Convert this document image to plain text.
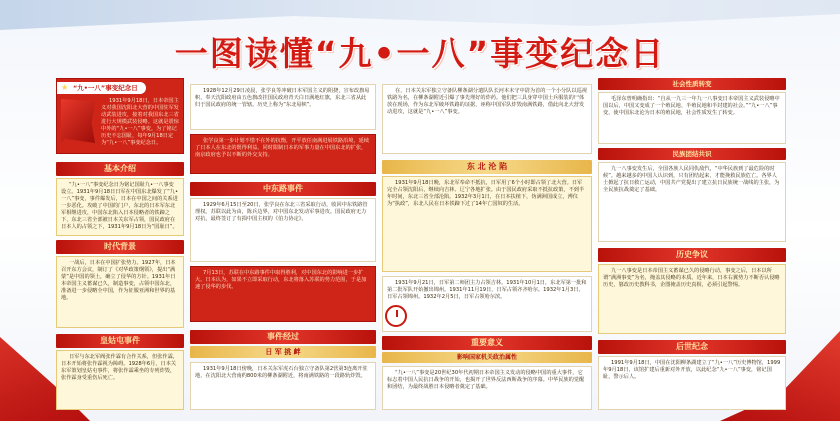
一图读懂“九•一八”事变纪念日
★ “九•一八”事变纪念日

1931年9月18日，日本帝国主义对我国沈阳北大营的中国驻军发动武装进攻，接着对我国东北三省进行大规模武装侵略。这就是震惊中外的“九•一八”事变。为了铭记历史不忘国耻，每年9月18日定为“九•一八”事变纪念日。

基本介绍

“九•一八”事变纪念日为铭记国耻九•一八事变设立。1931年9月18日日军在中国东北爆发了“九•一八”事变，事件爆发后，日本在中国之间的关系进一步恶化。攻破了中国的门户，东北的日本军东北军相继进攻，中国东北陷入日本侵略者的铁蹄之下，东北三省全部被日本关东军占领，国民政府在日本人的占领之下，1931年9月18日为“国耻日”。

时代背景

一战后，日本在中国扩张势力。1927年，日本召开东方会议，制订了《对华政策纲领》，提出“满蒙”是中国的领土，确立了侵华的方针。1931年日本帝国主义蓄谋已久，制造事变，占领中国东北，准备进一步侵略全中国，作为征服亚洲和世界的基地。

皇姑屯事件

日军与东北军阀张作霖有合作关系，但张作霖，日本开始将张作霖视为障碍。1928年6月，日本关东军策划皇姑屯事件，将张作霖乘坐的专列炸毁，张作霖身受重伤后死亡。

1928年12月29日凌晨，张学良等冲破日本军国主义的阻挠，宣布改旗易帜，奉天沈阳政府由五色旗改挂国民政府青天白日满地红旗，东北三省从此归于国民政府的统一管辖。历史上称为“东北易帜”。

张学良第一步计划不惜不在外的抗衡，开平放任南满进展铁路沿境，延续了日本人在东北的既得利益。同时限制日本的军事力量在中国东北的扩张，南京政府也予以不断的外交支持。

中东路事件

1929年6月15日至20日，张学良在东北三省采取行动，收回中东铁路管理权。苏联以此为由，陈兵边界，对中国东北发动军事进攻。国民政府无力对抗，最终签订了有损中国主权的《伯力协定》。

7月13日，苏联在中东路事件中取得胜利，对中国东北的影响进一步扩大。日本认为，如果不立即采取行动，东北将落入苏联的势力范围，于是加速了侵华的步伐。

事件经过
日 军 挑 衅

1931年9月18日傍晚，日本关东军虎石台独立守备队第2营第3连离开驻地，在沈阳北大营南约800米的柳条湖附近，将南满铁路的一段路轨炸毁。

在，日本关东军独立守备队柳条湖分遣队队长河本末守中尉为首的一个小分队以巡视铁路为名，在柳条湖附近引爆了事先埋好的炸药。他们把三具身穿中国士兵服装的尸体放在现场，作为东北军破坏铁路的证据，诬称中国军队炸毁南满铁路，借此向北大营发动进攻，这就是“九•一八”事变。

东 北 沦 陷

1931年9月18日晚，东北军奉命不抵抗，日军用了6个小时即占领了北大营。日军完全占领沈阳后，继续向吉林、辽宁各地扩张。由于国民政府采取不抵抗政策，不到半年时间，东北三省全部沦陷。1932年3月1日，在日本扶植下，伪满洲国成立，溥仪为“执政”，东北人民在日本铁蹄下过了14年亡国奴的生活。

1931年9月21日，日军第二师团主力占领吉林。1931年10月1日，东北军第一批和第二批军队开始撤出锦州。1931年11月19日，日军占领齐齐哈尔。1932年1月3日，日军占领锦州。1932年2月5日，日军占领哈尔滨。

重要意义
影响国家机关政治属性

“九•一八”事变是20世纪30年代初期日本帝国主义发动的侵略中国的重大事件，它标志着中国人民抗日战争的开始，也揭开了世界反法西斯战争的序幕。中华民族的觉醒和团结，为最终战胜日本侵略者奠定了基础。

社会性质转变

毛泽东曾明确指出：“自从一九三一年九一八事变日本帝国主义武装侵略中国以后，中国又变成了一个殖民地、半殖民地和半封建的社会。”“九•一八”事变，使中国东北沦为日本的殖民地，社会性质发生了转变。

民族团结共识

九一八事变发生后，全国各族人民同仇敌忾，“中华民族到了最危险的时候”。越来越多的中国人认识到，只有团结起来，才能挽救民族危亡。各界人士掀起了抗日救亡运动，中国共产党提出了建立抗日民族统一战线的主张，为全民族抗战奠定了基础。

历史争议

九一八事变是日本帝国主义蓄谋已久的侵略行动，事变之后，日本以所谓“满洲事变”为名，掩盖其侵略的本质。近年来，日本右翼势力不断否认侵略历史，篡改历史教科书，企图掩盖历史真相，必须引起警惕。

后世纪念

1991年9月18日，中国在沈阳柳条湖建立了“九•一八”历史博物馆，1999年9月18日，该馆扩建后重新对外开放，以此纪念“九•一八”事变，铭记国耻，警示后人。
